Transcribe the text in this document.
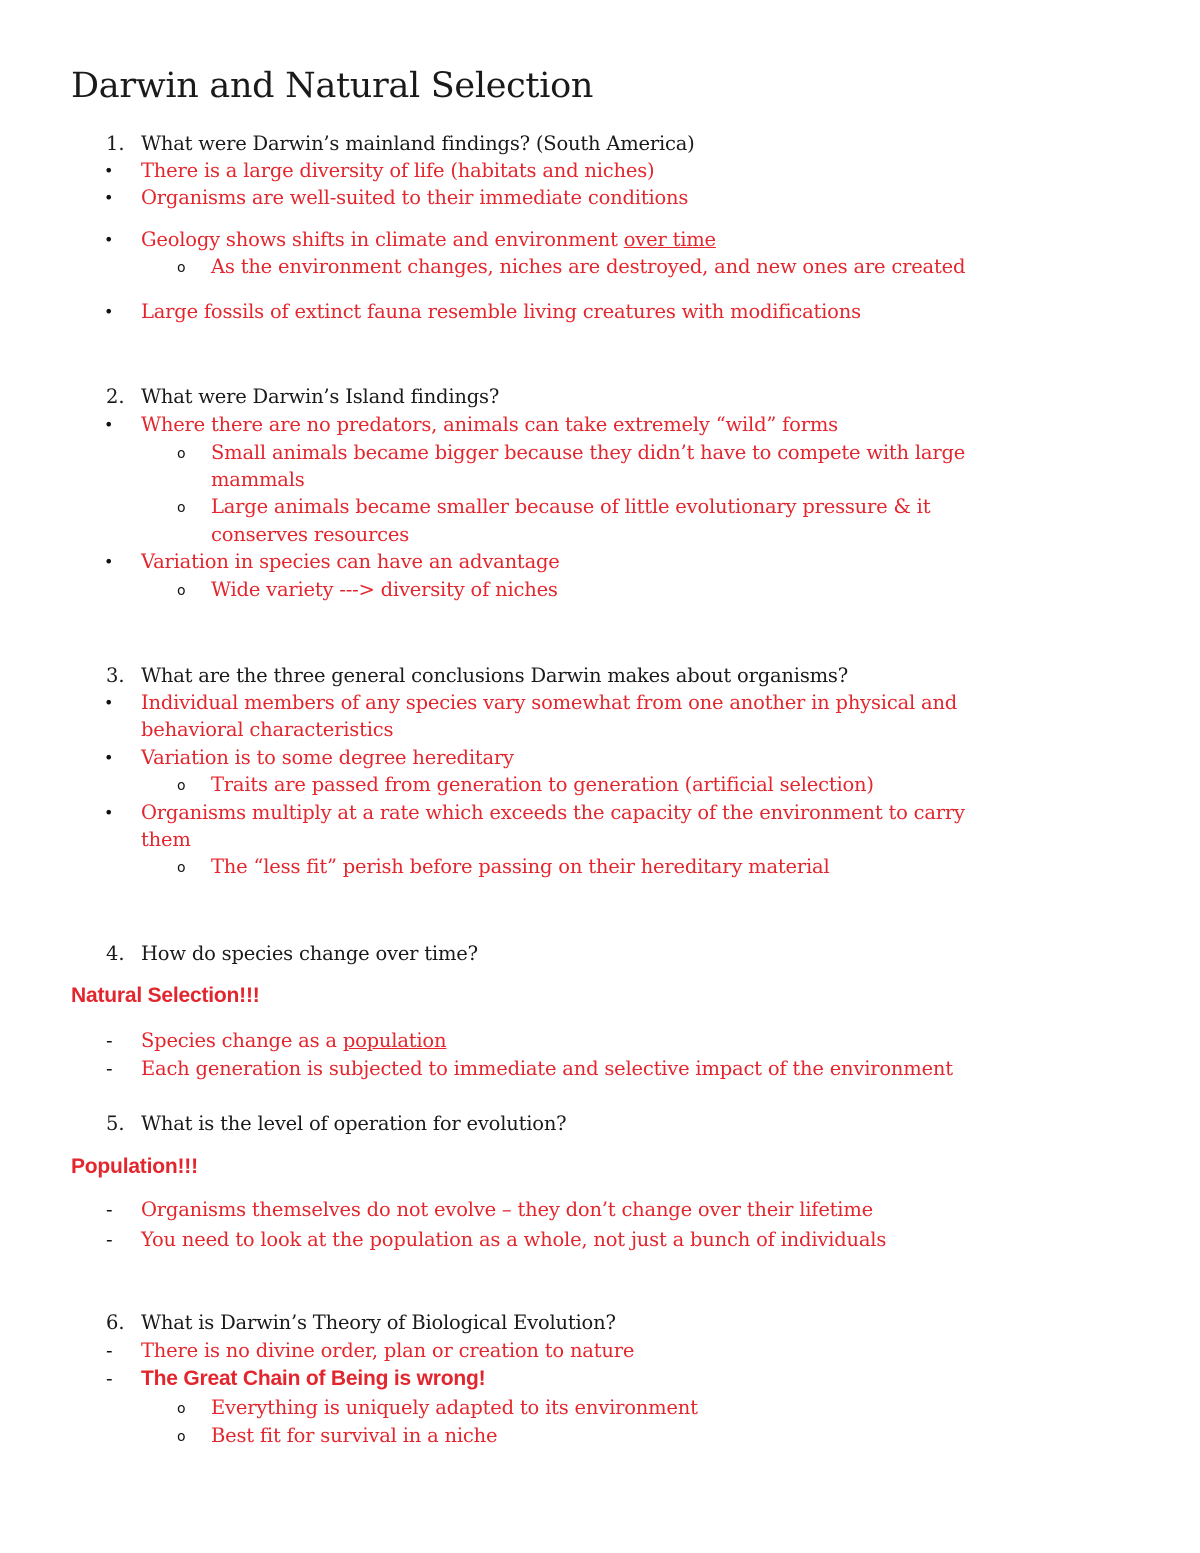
Darwin and Natural Selection
1. What were Darwin’s mainland findings? (South America)
• There is a large diversity of life (habitats and niches)
• Organisms are well-suited to their immediate conditions
• Geology shows shifts in climate and environment over time
o As the environment changes, niches are destroyed, and new ones are created
• Large fossils of extinct fauna resemble living creatures with modifications
2. What were Darwin’s Island findings?
• Where there are no predators, animals can take extremely “wild” forms
o Small animals became bigger because they didn’t have to compete with large
mammals
o Large animals became smaller because of little evolutionary pressure & it
conserves resources
• Variation in species can have an advantage
o Wide variety ---> diversity of niches
3. What are the three general conclusions Darwin makes about organisms?
• Individual members of any species vary somewhat from one another in physical and
behavioral characteristics
• Variation is to some degree hereditary
o Traits are passed from generation to generation (artificial selection)
• Organisms multiply at a rate which exceeds the capacity of the environment to carry
them
o The “less fit” perish before passing on their hereditary material
4. How do species change over time?
Natural Selection!!!
- Species change as a population
- Each generation is subjected to immediate and selective impact of the environment
5. What is the level of operation for evolution?
Population!!!
- Organisms themselves do not evolve – they don’t change over their lifetime
- You need to look at the population as a whole, not just a bunch of individuals
6. What is Darwin’s Theory of Biological Evolution?
- There is no divine order, plan or creation to nature
- The Great Chain of Being is wrong!
o Everything is uniquely adapted to its environment
o Best fit for survival in a niche
